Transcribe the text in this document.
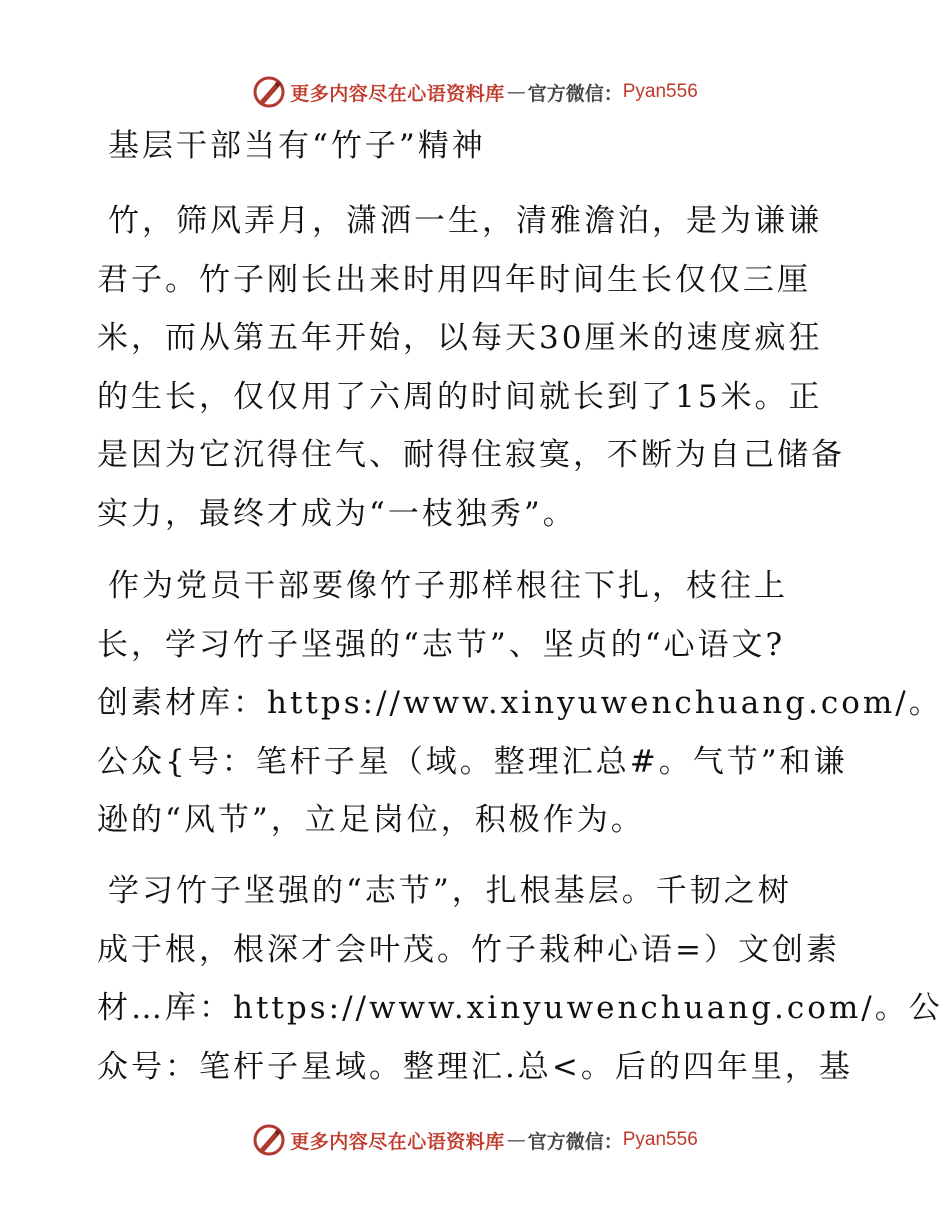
更多内容尽在心语资料库 — 官方微信： Pyan556
基层干部当有“竹子”精神
竹，筛风弄月，潇洒一生，清雅澹泊，是为谦谦
君子。竹子刚长出来时用四年时间生长仅仅三厘
米，而从第五年开始，以每天30厘米的速度疯狂
的生长，仅仅用了六周的时间就长到了15米。正
是因为它沉得住气、耐得住寂寞，不断为自己储备
实力，最终才成为“一枝独秀”。
作为党员干部要像竹子那样根往下扎，枝往上
长，学习竹子坚强的“志节”、坚贞的“心语文?
创素材库：https://www.xinyuwenchuang.com/。
公众{号：笔杆子星（域。整理汇总#。气节”和谦
逊的“风节”，立足岗位，积极作为。
学习竹子坚强的“志节”，扎根基层。千韧之树
成于根，根深才会叶茂。竹子栽种心语=）文创素
材…库：https://www.xinyuwenchuang.com/。公
众号：笔杆子星域。整理汇.总<。后的四年里，基
更多内容尽在心语资料库 — 官方微信： Pyan556
